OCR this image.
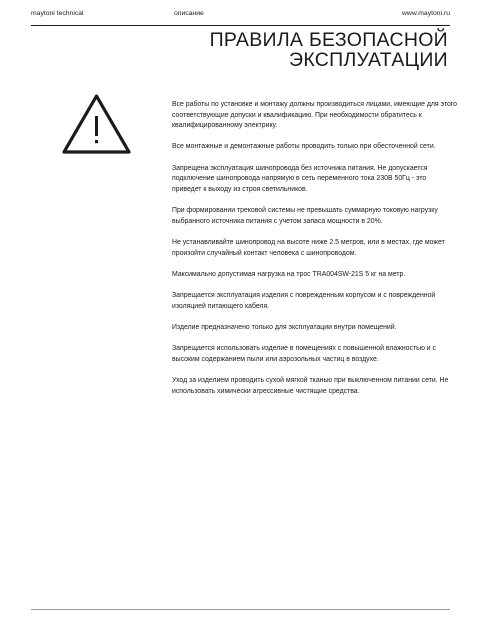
maytoni technical	описание	www.maytoni.ru
ПРАВИЛА БЕЗОПАСНОЙ
ЭКСПЛУАТАЦИИ
Все работы по установке и монтажу должны производиться лицами, имеющие для этого соответствующие допуски и квалификацию. При необходимости обратитесь к квалифицированному электрику.
Все монтажные и демонтажные работы проводить только при обесточенной сети.
Запрещена эксплуатация шинопровода без источника питания. Не допускается подключение шинопровода напрямую в сеть переменного тока 230В 50Гц - это приведет к выходу из строя светильников.
При формировании трековой системы не превышать суммарную токовую нагрузку выбранного источника питания с учетом запаса мощности в 20%.
Не устанавливайте шинопровод на высоте ниже 2.5 метров, или в местах, где может произойти случайный контакт человека с шинопроводом.
Максимально допустимая нагрузка на трос TRA004SW-21S 5 кг на метр.
Запрещается эксплуатация изделия с поврежденным корпусом и с поврежденной изоляцией питающего кабеля.
Изделие предназначено только для эксплуатации внутри помещений.
Запрещается использовать изделие в помещениях с повышенной влажностью и с высоким содержанием пыли или аэрозольных частиц в воздухе.
Уход за изделием проводить сухой мягкой тканью при выключенном питании сети. Не использовать химически агрессивные чистящие средства.
